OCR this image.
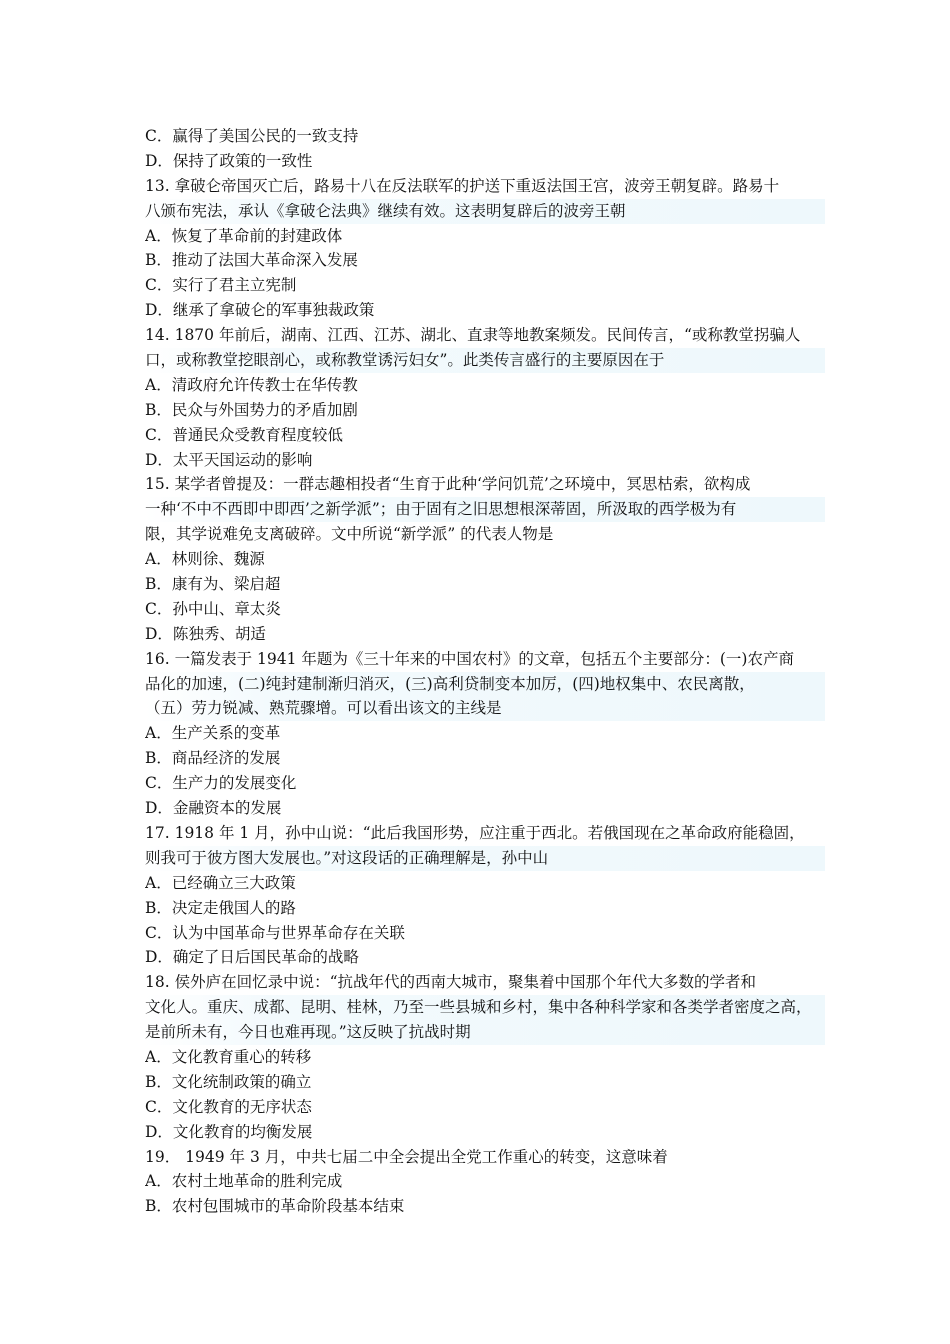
C．赢得了美国公民的一致支持
D．保持了政策的一致性
13. 拿破仑帝国灭亡后，路易十八在反法联军的护送下重返法国王宫，波旁王朝复辟。路易十
八颁布宪法，承认《拿破仑法典》继续有效。这表明复辟后的波旁王朝
A．恢复了革命前的封建政体
B．推动了法国大革命深入发展
C．实行了君主立宪制
D．继承了拿破仑的军事独裁政策
14. 1870 年前后，湖南、江西、江苏、湖北、直隶等地教案频发。民间传言，“或称教堂拐骗人
口，或称教堂挖眼剖心，或称教堂诱污妇女”。此类传言盛行的主要原因在于
A．清政府允许传教士在华传教
B．民众与外国势力的矛盾加剧
C．普通民众受教育程度较低
D．太平天国运动的影响
15. 某学者曾提及：一群志趣相投者“生育于此种‘学问饥荒’之环境中，冥思枯索，欲构成
一种‘不中不西即中即西’之新学派”；由于固有之旧思想根深蒂固，所汲取的西学极为有
限，其学说难免支离破碎。文中所说“新学派” 的代表人物是
A．林则徐、魏源
B．康有为、梁启超
C．孙中山、章太炎
D．陈独秀、胡适
16. 一篇发表于 1941 年题为《三十年来的中国农村》的文章，包括五个主要部分：(一)农产商
品化的加速，(二)纯封建制渐归消灭，(三)高利贷制变本加厉，(四)地权集中、农民离散，
（五）劳力锐减、熟荒骤增。可以看出该文的主线是
A．生产关系的变革
B．商品经济的发展
C．生产力的发展变化
D．金融资本的发展
17. 1918 年 1 月，孙中山说：“此后我国形势，应注重于西北。若俄国现在之革命政府能稳固，
则我可于彼方图大发展也。”对这段话的正确理解是，孙中山
A．已经确立三大政策
B．决定走俄国人的路
C．认为中国革命与世界革命存在关联
D．确定了日后国民革命的战略
18. 侯外庐在回忆录中说：“抗战年代的西南大城市，聚集着中国那个年代大多数的学者和
文化人。重庆、成都、昆明、桂林，乃至一些县城和乡村，集中各种科学家和各类学者密度之高，
是前所未有，今日也难再现。”这反映了抗战时期
A．文化教育重心的转移
B．文化统制政策的确立
C．文化教育的无序状态
D．文化教育的均衡发展
19． 1949 年 3 月，中共七届二中全会提出全党工作重心的转变，这意味着
A．农村土地革命的胜利完成
B．农村包围城市的革命阶段基本结束
